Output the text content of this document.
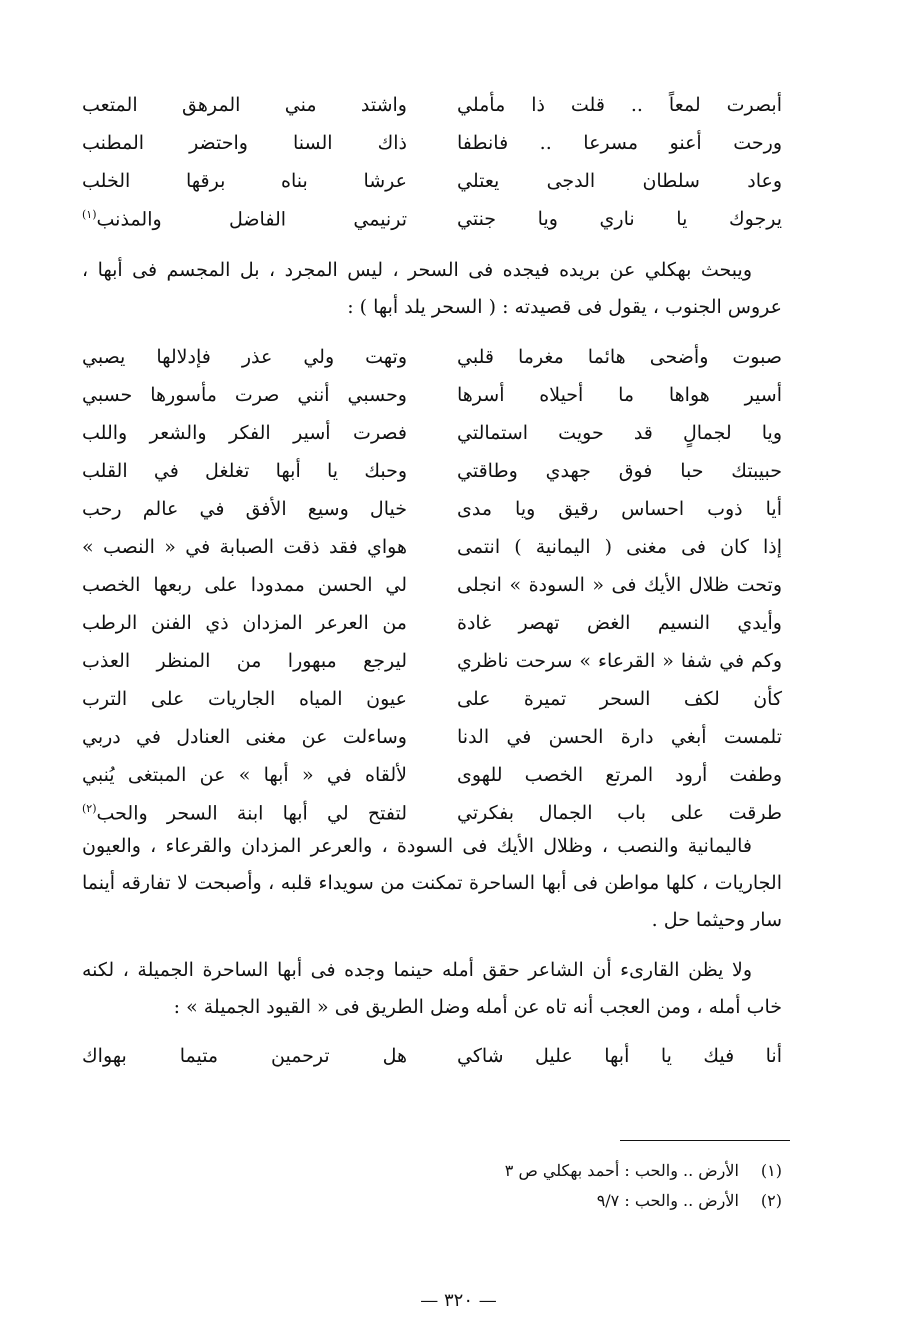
أبصرت لمعاً .. قلت ذا مأملي
واشتد مني المرهق المتعب
ورحت أعنو مسرعا .. فانطفا
ذاك السنا واحتضر المطنب
وعاد سلطان الدجى يعتلي
عرشا بناه برقها الخلب
يرجوك يا ناري ويا جنتي
ترنيمي الفاضل والمذنب$^{(١)}$

ويبحث بهكلي عن بريده فيجده فى السحر ، ليس المجرد ، بل المجسم فى أبها ، عروس الجنوب ، يقول فى قصيدته : ( السحر يلد أبها ) :

صبوت وأضحى هائما مغرما قلبي
وتهت ولي عذر فإدلالها يصبي
أسير هواها ما أحيلاه أسرها
وحسبي أنني صرت مأسورها حسبي
ويا لجمالٍ قد حويت استمالتي
فصرت أسير الفكر والشعر واللب
حبيبتك حبا فوق جهدي وطاقتي
وحبك يا أبها تغلغل في القلب
أيا ذوب احساس رقيق ويا مدى
خيال وسيع الأفق في عالم رحب
إذا كان فى مغنى ( اليمانية ) انتمى
هواي فقد ذقت الصبابة في « النصب »
وتحت ظلال الأيك فى « السودة » انجلى
لي الحسن ممدودا على ربعها الخصب
وأيدي النسيم الغض تهصر غادة
من العرعر المزدان ذي الفنن الرطب
وكم في شفا « القرعاء » سرحت ناظري
ليرجع مبهورا من المنظر العذب
كأن لكف السحر تميرة على
عيون المياه الجاريات على الترب
تلمست أبغي دارة الحسن في الدنا
وساءلت عن مغنى العنادل في دربي
وطفت أرود المرتع الخصب للهوى
لألقاه في « أبها » عن المبتغى يُنبي
طرقت على باب الجمال بفكرتي
لتفتح لي أبها ابنة السحر والحب$^{(٢)}$

فاليمانية والنصب ، وظلال الأيك فى السودة ، والعرعر المزدان والقرعاء ، والعيون الجاريات ، كلها مواطن فى أبها الساحرة تمكنت من سويداء قلبه ، وأصبحت لا تفارقه أينما سار وحيثما حل .

ولا يظن القارىء أن الشاعر حقق أمله حينما وجده فى أبها الساحرة الجميلة ، لكنه خاب أمله ، ومن العجب أنه تاه عن أمله وضل الطريق فى « القيود الجميلة » :

أنا فيك يا أبها عليل شاكي
هل ترحمين متيما بهواك
(١)
الأرض .. والحب : أحمد بهكلي ص ٣
(٢)
الأرض .. والحب : ٩/٧
— ٣٢٠ —
